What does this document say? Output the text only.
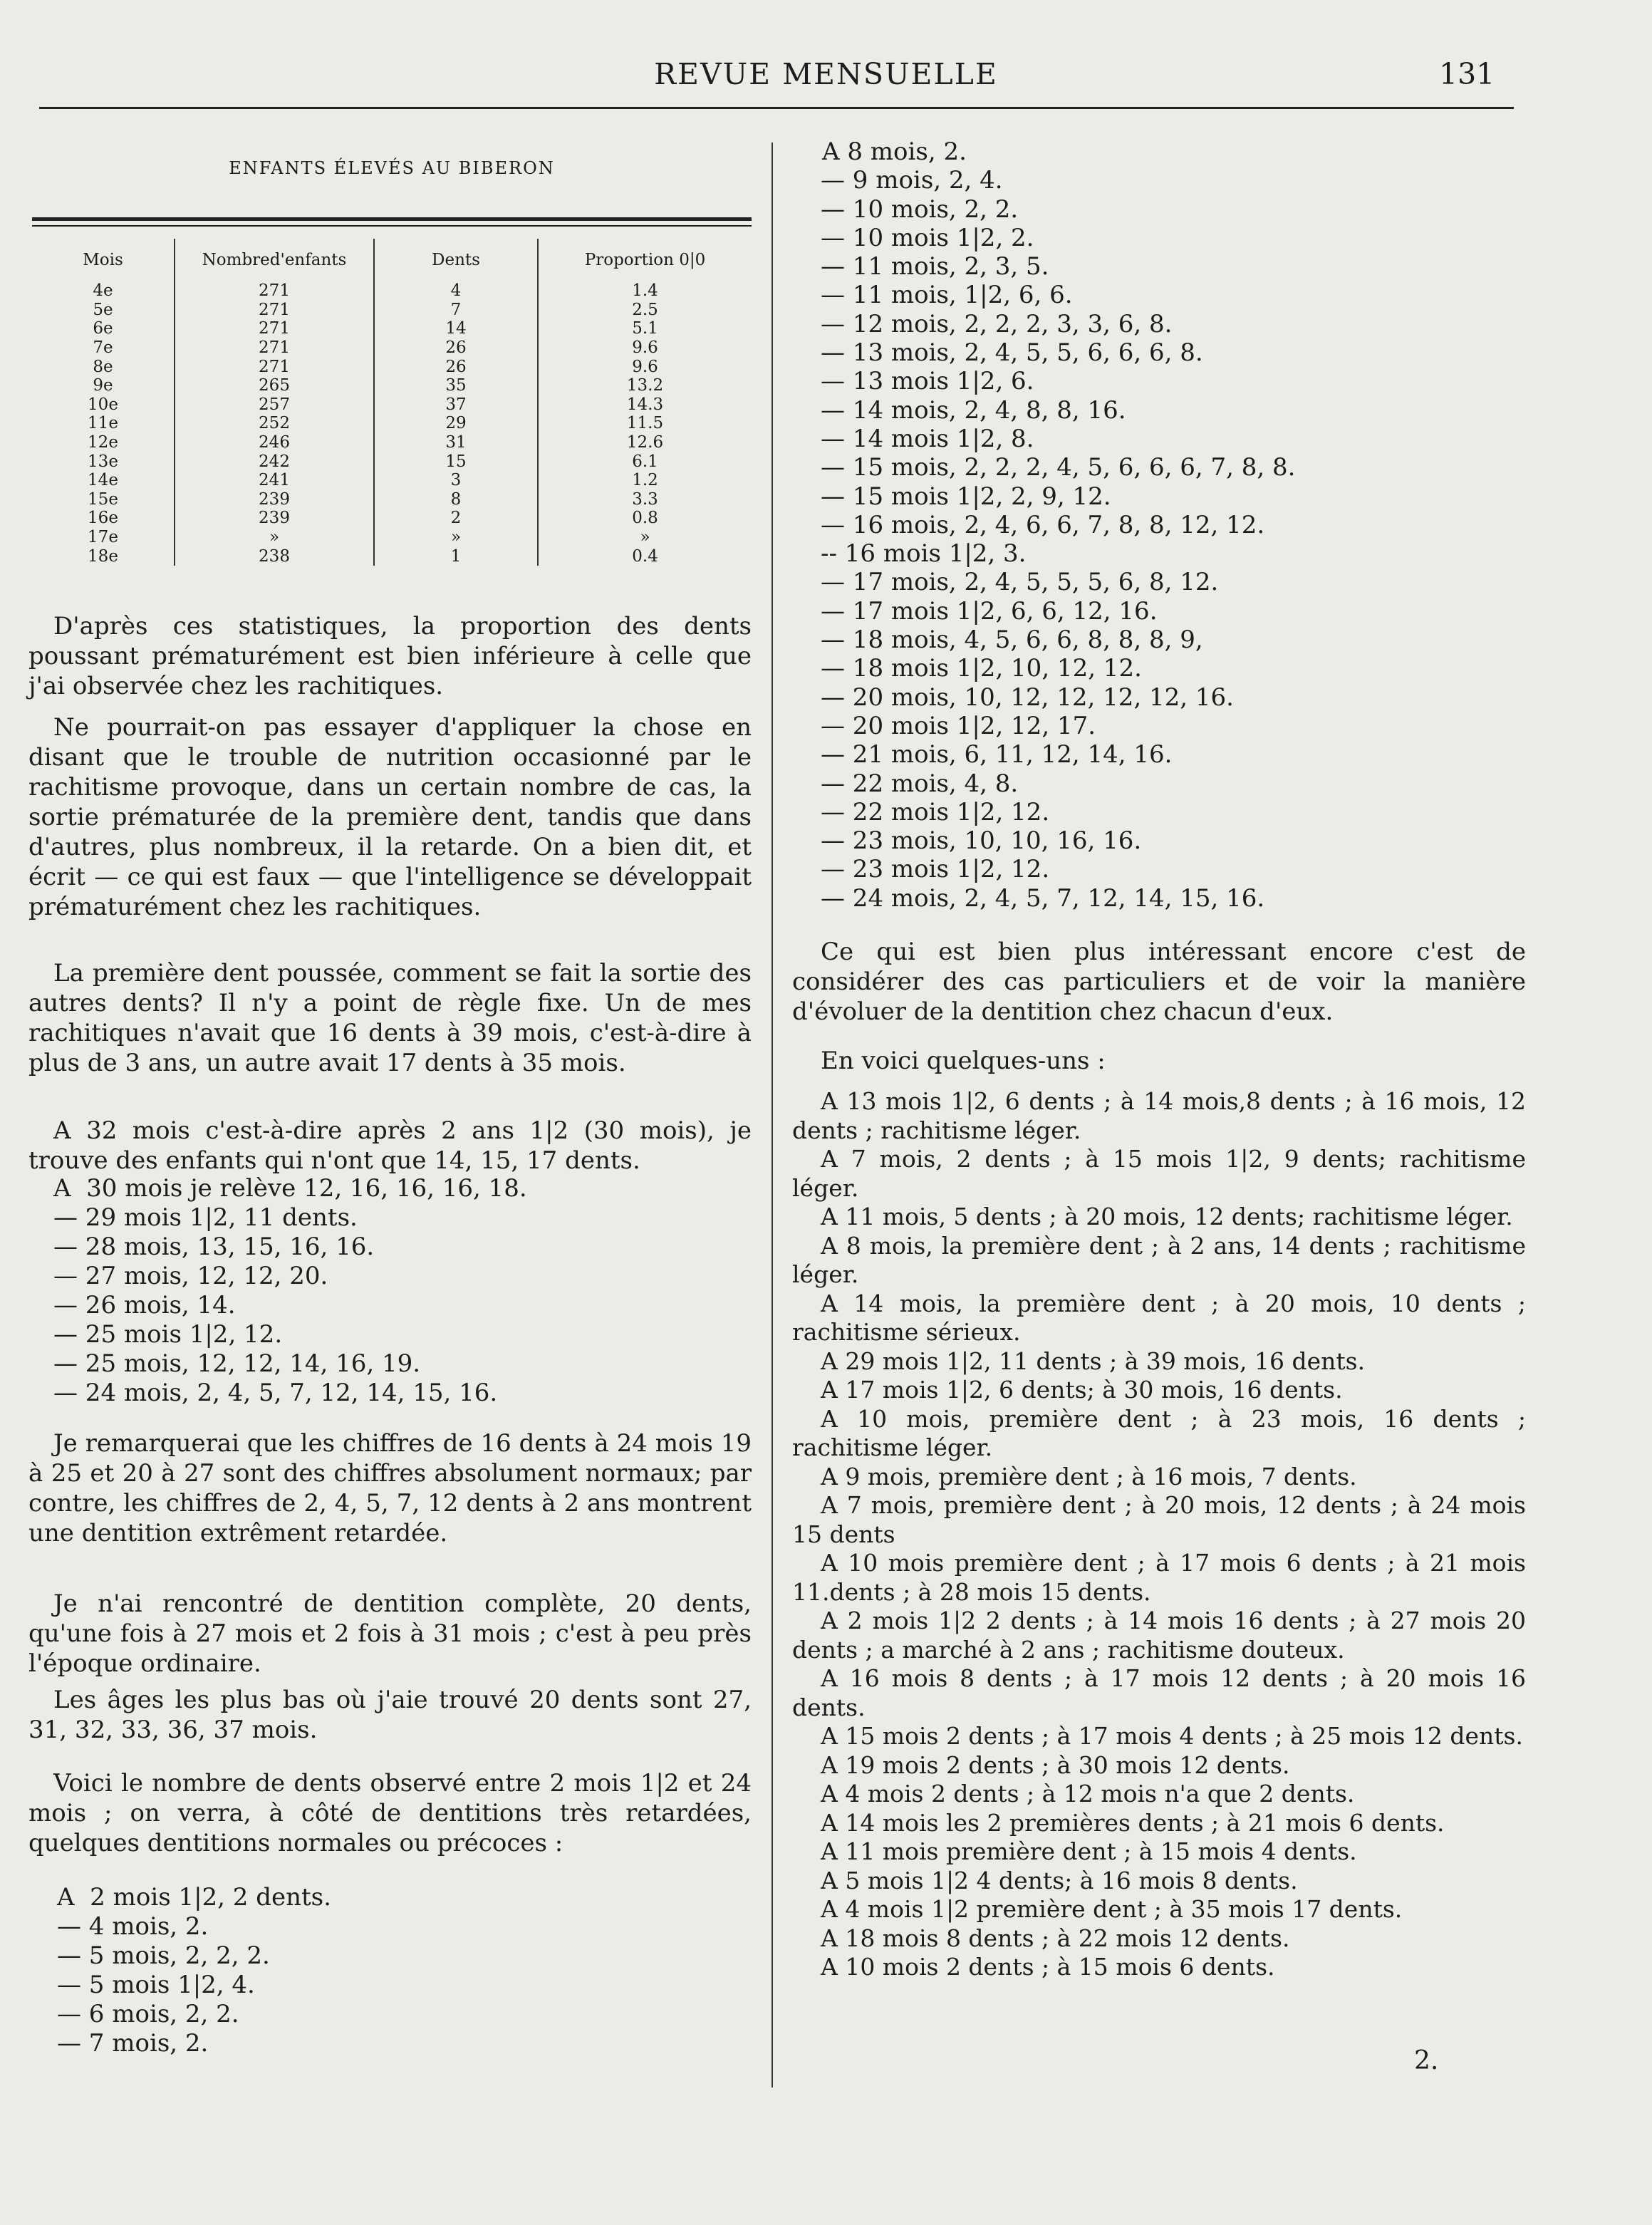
REVUE MENSUELLE	131
ENFANTS ÉLEVÉS AU BIBERON
Mois	Nombred'enfants	Dents	Proportion 0|0
4e	271	4	1.4
5e	271	7	2.5
6e	271	14	5.1
7e	271	26	9.6
8e	271	26	9.6
9e	265	35	13.2
10e	257	37	14.3
11e	252	29	11.5
12e	246	31	12.6
13e	242	15	6.1
14e	241	3	1.2
15e	239	8	3.3
16e	239	2	0.8
17e	»	»	»
18e	238	1	0.4

D'après ces statistiques, la proportion des dents poussant prématurément est bien inférieure à celle que j'ai observée chez les rachitiques.

Ne pourrait-on pas essayer d'appliquer la chose en disant que le trouble de nutrition occasionné par le rachitisme provoque, dans un certain nombre de cas, la sortie prématurée de la première dent, tandis que dans d'autres, plus nombreux, il la retarde. On a bien dit, et écrit — ce qui est faux — que l'intelligence se développait prématurément chez les rachitiques.

La première dent poussée, comment se fait la sortie des autres dents? Il n'y a point de règle fixe. Un de mes rachitiques n'avait que 16 dents à 39 mois, c'est-à-dire à plus de 3 ans, un autre avait 17 dents à 35 mois.

A 32 mois c'est-à-dire après 2 ans 1|2 (30 mois), je trouve des enfants qui n'ont que 14, 15, 17 dents.

A  30 mois je relève 12, 16, 16, 16, 18.
— 29 mois 1|2, 11 dents.
— 28 mois, 13, 15, 16, 16.
— 27 mois, 12, 12, 20.
— 26 mois, 14.
— 25 mois 1|2, 12.
— 25 mois, 12, 12, 14, 16, 19.
— 24 mois, 2, 4, 5, 7, 12, 14, 15, 16.

Je remarquerai que les chiffres de 16 dents à 24 mois 19 à 25 et 20 à 27 sont des chiffres absolument normaux; par contre, les chiffres de 2, 4, 5, 7, 12 dents à 2 ans montrent une dentition extrêment retardée.

Je n'ai rencontré de dentition complète, 20 dents, qu'une fois à 27 mois et 2 fois à 31 mois ; c'est à peu près l'époque ordinaire.

Les âges les plus bas où j'aie trouvé 20 dents sont 27, 31, 32, 33, 36, 37 mois.

Voici le nombre de dents observé entre 2 mois 1|2 et 24 mois ; on verra, à côté de dentitions très retardées, quelques dentitions normales ou précoces :

A  2 mois 1|2, 2 dents.
— 4 mois, 2.
— 5 mois, 2, 2, 2.
— 5 mois 1|2, 4.
— 6 mois, 2, 2.
— 7 mois, 2.
A 8 mois, 2.
— 9 mois, 2, 4.
— 10 mois, 2, 2.
— 10 mois 1|2, 2.
— 11 mois, 2, 3, 5.
— 11 mois, 1|2, 6, 6.
— 12 mois, 2, 2, 2, 3, 3, 6, 8.
— 13 mois, 2, 4, 5, 5, 6, 6, 6, 8.
— 13 mois 1|2, 6.
— 14 mois, 2, 4, 8, 8, 16.
— 14 mois 1|2, 8.
— 15 mois, 2, 2, 2, 4, 5, 6, 6, 6, 7, 8, 8.
— 15 mois 1|2, 2, 9, 12.
— 16 mois, 2, 4, 6, 6, 7, 8, 8, 12, 12.
-- 16 mois 1|2, 3.
— 17 mois, 2, 4, 5, 5, 5, 6, 8, 12.
— 17 mois 1|2, 6, 6, 12, 16.
— 18 mois, 4, 5, 6, 6, 8, 8, 8, 9,
— 18 mois 1|2, 10, 12, 12.
— 20 mois, 10, 12, 12, 12, 12, 16.
— 20 mois 1|2, 12, 17.
— 21 mois, 6, 11, 12, 14, 16.
— 22 mois, 4, 8.
— 22 mois 1|2, 12.
— 23 mois, 10, 10, 16, 16.
— 23 mois 1|2, 12.
— 24 mois, 2, 4, 5, 7, 12, 14, 15, 16.

Ce qui est bien plus intéressant encore c'est de considérer des cas particuliers et de voir la manière d'évoluer de la dentition chez chacun d'eux.

En voici quelques-uns :

A 13 mois 1|2, 6 dents ; à 14 mois,8 dents ; à 16 mois, 12 dents ; rachitisme léger.
A 7 mois, 2 dents ; à 15 mois 1|2, 9 dents; rachitisme léger.
A 11 mois, 5 dents ; à 20 mois, 12 dents; rachitisme léger.
A 8 mois, la première dent ; à 2 ans, 14 dents ; rachitisme léger.
A 14 mois, la première dent ; à 20 mois, 10 dents ; rachitisme sérieux.
A 29 mois 1|2, 11 dents ; à 39 mois, 16 dents.
A 17 mois 1|2, 6 dents; à 30 mois, 16 dents.
A 10 mois, première dent ; à 23 mois, 16 dents ; rachitisme léger.
A 9 mois, première dent ; à 16 mois, 7 dents.
A 7 mois, première dent ; à 20 mois, 12 dents ; à 24 mois 15 dents
A 10 mois première dent ; à 17 mois 6 dents ; à 21 mois 11.dents ; à 28 mois 15 dents.
A 2 mois 1|2 2 dents ; à 14 mois 16 dents ; à 27 mois 20 dents ; a marché à 2 ans ; rachitisme douteux.
A 16 mois 8 dents ; à 17 mois 12 dents ; à 20 mois 16 dents.
A 15 mois 2 dents ; à 17 mois 4 dents ; à 25 mois 12 dents.
A 19 mois 2 dents ; à 30 mois 12 dents.
A 4 mois 2 dents ; à 12 mois n'a que 2 dents.
A 14 mois les 2 premières dents ; à 21 mois 6 dents.
A 11 mois première dent ; à 15 mois 4 dents.
A 5 mois 1|2 4 dents; à 16 mois 8 dents.
A 4 mois 1|2 première dent ; à 35 mois 17 dents.
A 18 mois 8 dents ; à 22 mois 12 dents.
A 10 mois 2 dents ; à 15 mois 6 dents.
2.
